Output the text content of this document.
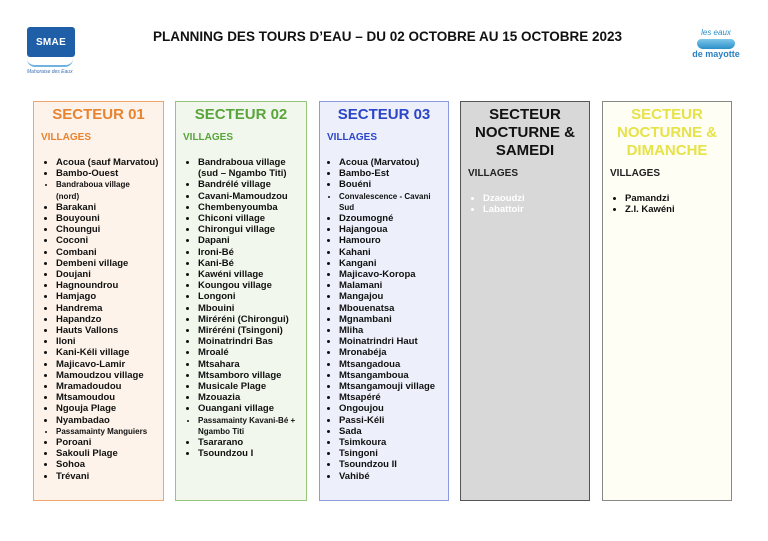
SMAE
Mahoraise des Eaux
PLANNING DES TOURS D’EAU – DU 02 OCTOBRE AU 15 OCTOBRE 2023	les eaux
de mayotte
SECTEUR 01
VILLAGES
• Acoua (sauf Marvatou)
• Bambo-Ouest
• Bandraboua village (nord)
• Barakani
• Bouyouni
• Choungui
• Coconi
• Combani
• Dembeni village
• Doujani
• Hagnoundrou
• Hamjago
• Handrema
• Hapandzo
• Hauts Vallons
• Iloni
• Kani-Kéli village
• Majicavo-Lamir
• Mamoudzou village
• Mramadoudou
• Mtsamoudou
• Ngouja Plage
• Nyambadao
• Passamainty Manguiers
• Poroani
• Sakouli Plage
• Sohoa
• Trévani
SECTEUR 02
VILLAGES
• Bandraboua village (sud – Ngambo Titi)
• Bandrélé village
• Cavani-Mamoudzou
• Chembenyoumba
• Chiconi village
• Chirongui village
• Dapani
• Ironi-Bé
• Kani-Bé
• Kawéni village
• Koungou village
• Longoni
• Mbouini
• Miréréni (Chirongui)
• Miréréni (Tsingoni)
• Moinatrindri Bas
• Mroalé
• Mtsahara
• Mtsamboro village
• Musicale Plage
• Mzouazia
• Ouangani village
• Passamainty Kavani-Bé + Ngambo Titi
• Tsararano
• Tsoundzou I
SECTEUR 03
VILLAGES
• Acoua (Marvatou)
• Bambo-Est
• Bouéni
• Convalescence - Cavani Sud
• Dzoumogné
• Hajangoua
• Hamouro
• Kahani
• Kangani
• Majicavo-Koropa
• Malamani
• Mangajou
• Mbouenatsa
• Mgnambani
• Mliha
• Moinatrindri Haut
• Mronabéja
• Mtsangadoua
• Mtsangamboua
• Mtsangamouji village
• Mtsapéré
• Ongoujou
• Passi-Kéli
• Sada
• Tsimkoura
• Tsingoni
• Tsoundzou II
• Vahibé
SECTEUR NOCTURNE & SAMEDI
VILLAGES
• Dzaoudzi
• Labattoir
SECTEUR NOCTURNE & DIMANCHE
VILLAGES
• Pamandzi
• Z.I. Kawéni
